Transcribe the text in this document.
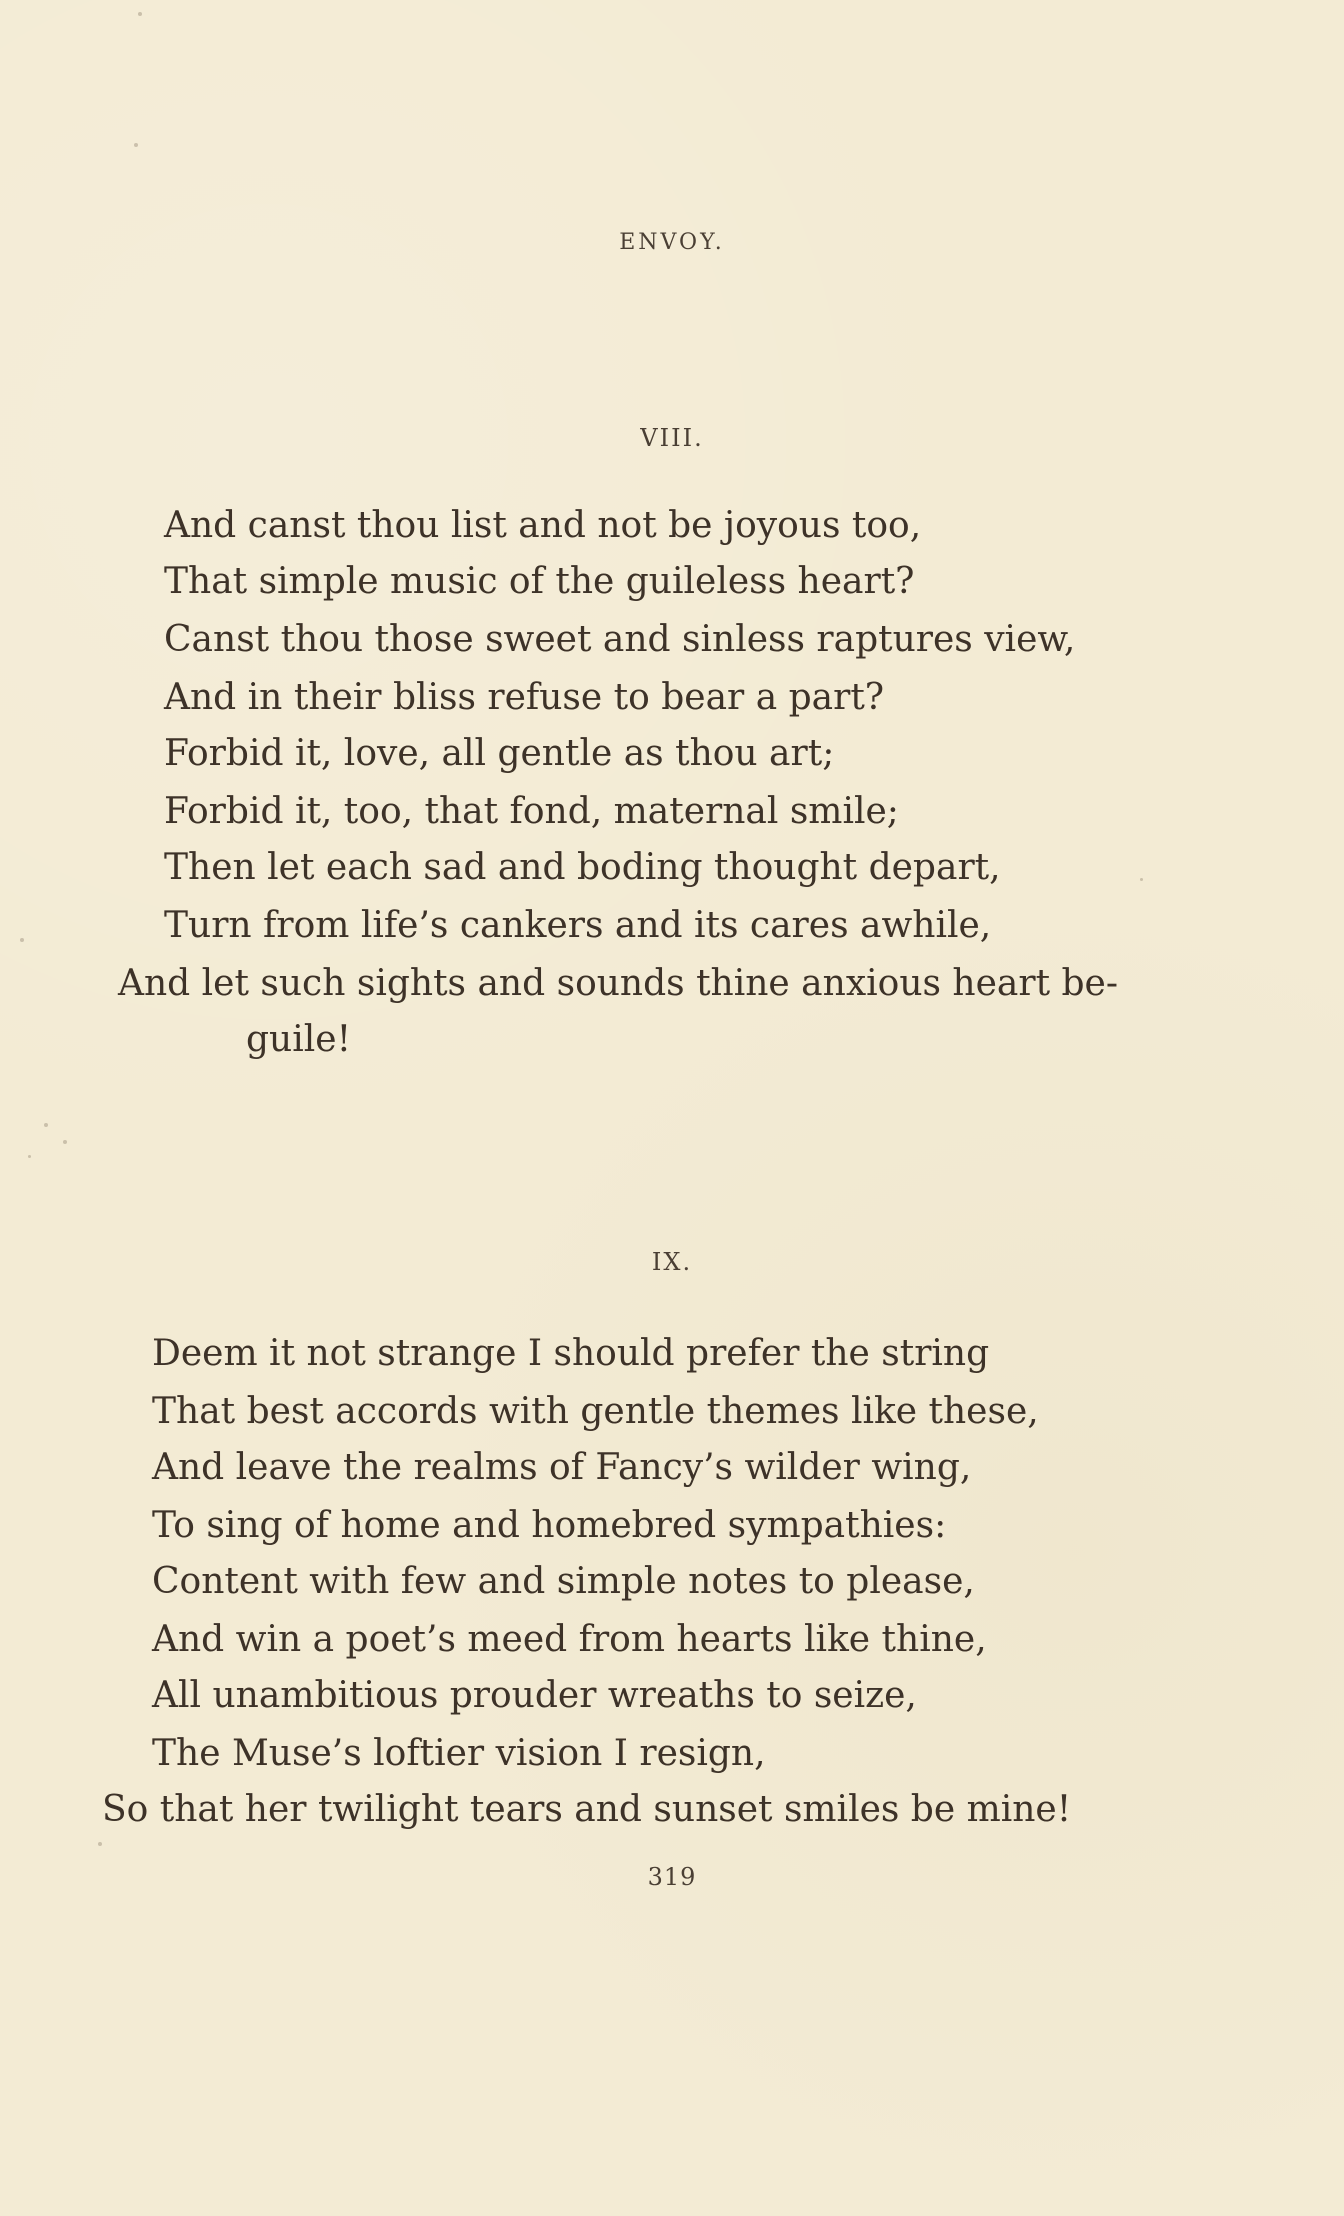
ENVOY.
VIII.
And canst thou list and not be joyous too,
That simple music of the guileless heart?
Canst thou those sweet and sinless raptures view,
And in their bliss refuse to bear a part?
Forbid it, love, all gentle as thou art;
Forbid it, too, that fond, maternal smile;
Then let each sad and boding thought depart,
Turn from life’s cankers and its cares awhile,
And let such sights and sounds thine anxious heart be-
guile!
IX.
Deem it not strange I should prefer the string
That best accords with gentle themes like these,
And leave the realms of Fancy’s wilder wing,
To sing of home and homebred sympathies:
Content with few and simple notes to please,
And win a poet’s meed from hearts like thine,
All unambitious prouder wreaths to seize,
The Muse’s loftier vision I resign,
So that her twilight tears and sunset smiles be mine!
319
